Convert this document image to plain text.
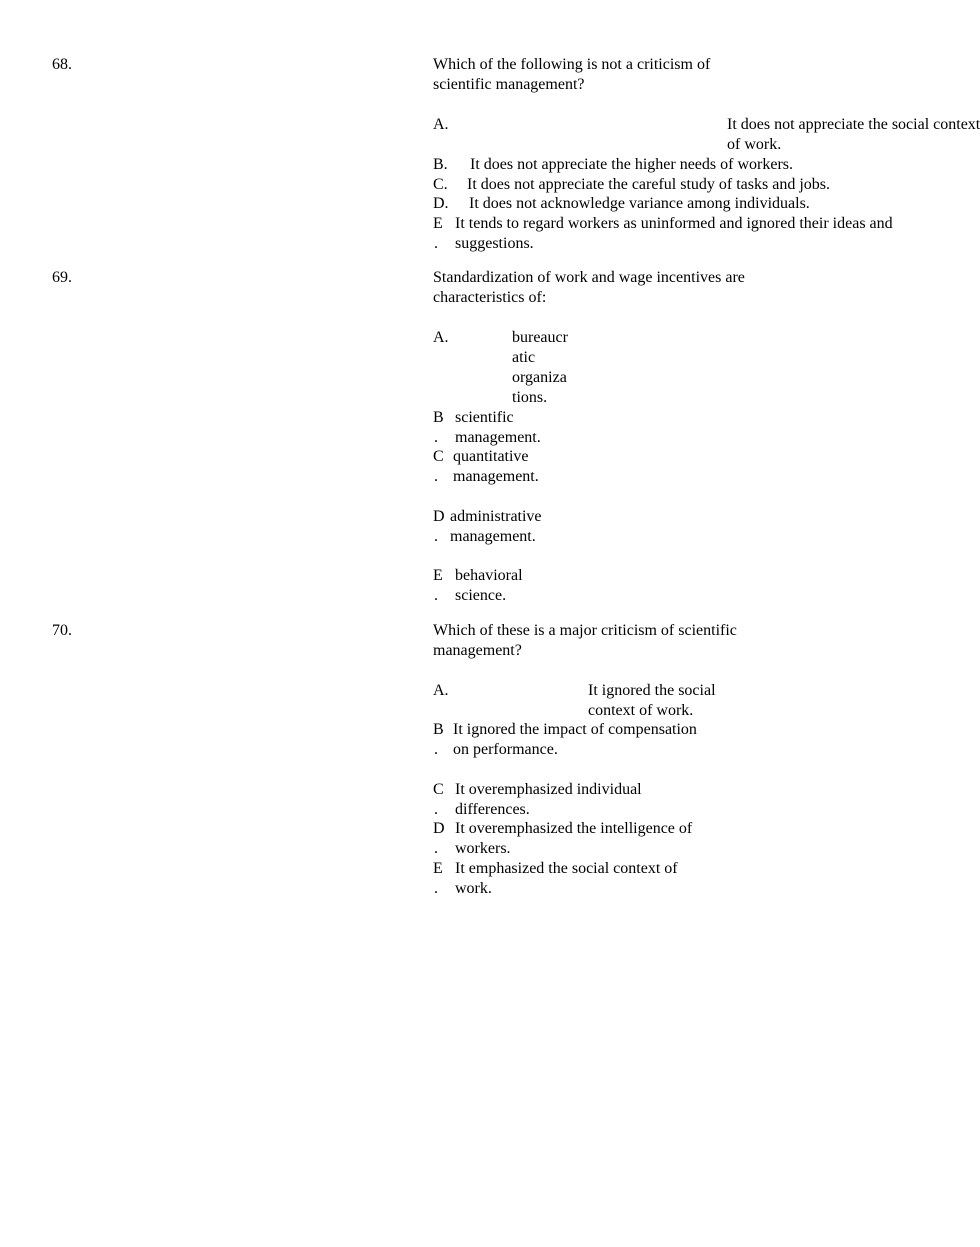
68.	Which of the following is not a criticism of
scientific management?
A.	It does not appreciate the social context
of work.
B. It does not appreciate the higher needs of workers.
C. It does not appreciate the careful study of tasks and jobs.
D. It does not acknowledge variance among individuals.
E
.
It tends to regard workers as uninformed and ignored their ideas and
suggestions.
69.	Standardization of work and wage incentives are
characteristics of:
A.	bureaucr
atic
organiza
tions.
B
.
scientific
management.
C
.
quantitative
management.
D
.
administrative
management.
E
.
behavioral
science.
70.	Which of these is a major criticism of scientific
management?
A.	It ignored the social
context of work.
B
.
It ignored the impact of compensation
on performance.
C
.
It overemphasized individual
differences.
D
.
It overemphasized the intelligence of
workers.
E
.
It emphasized the social context of
work.
